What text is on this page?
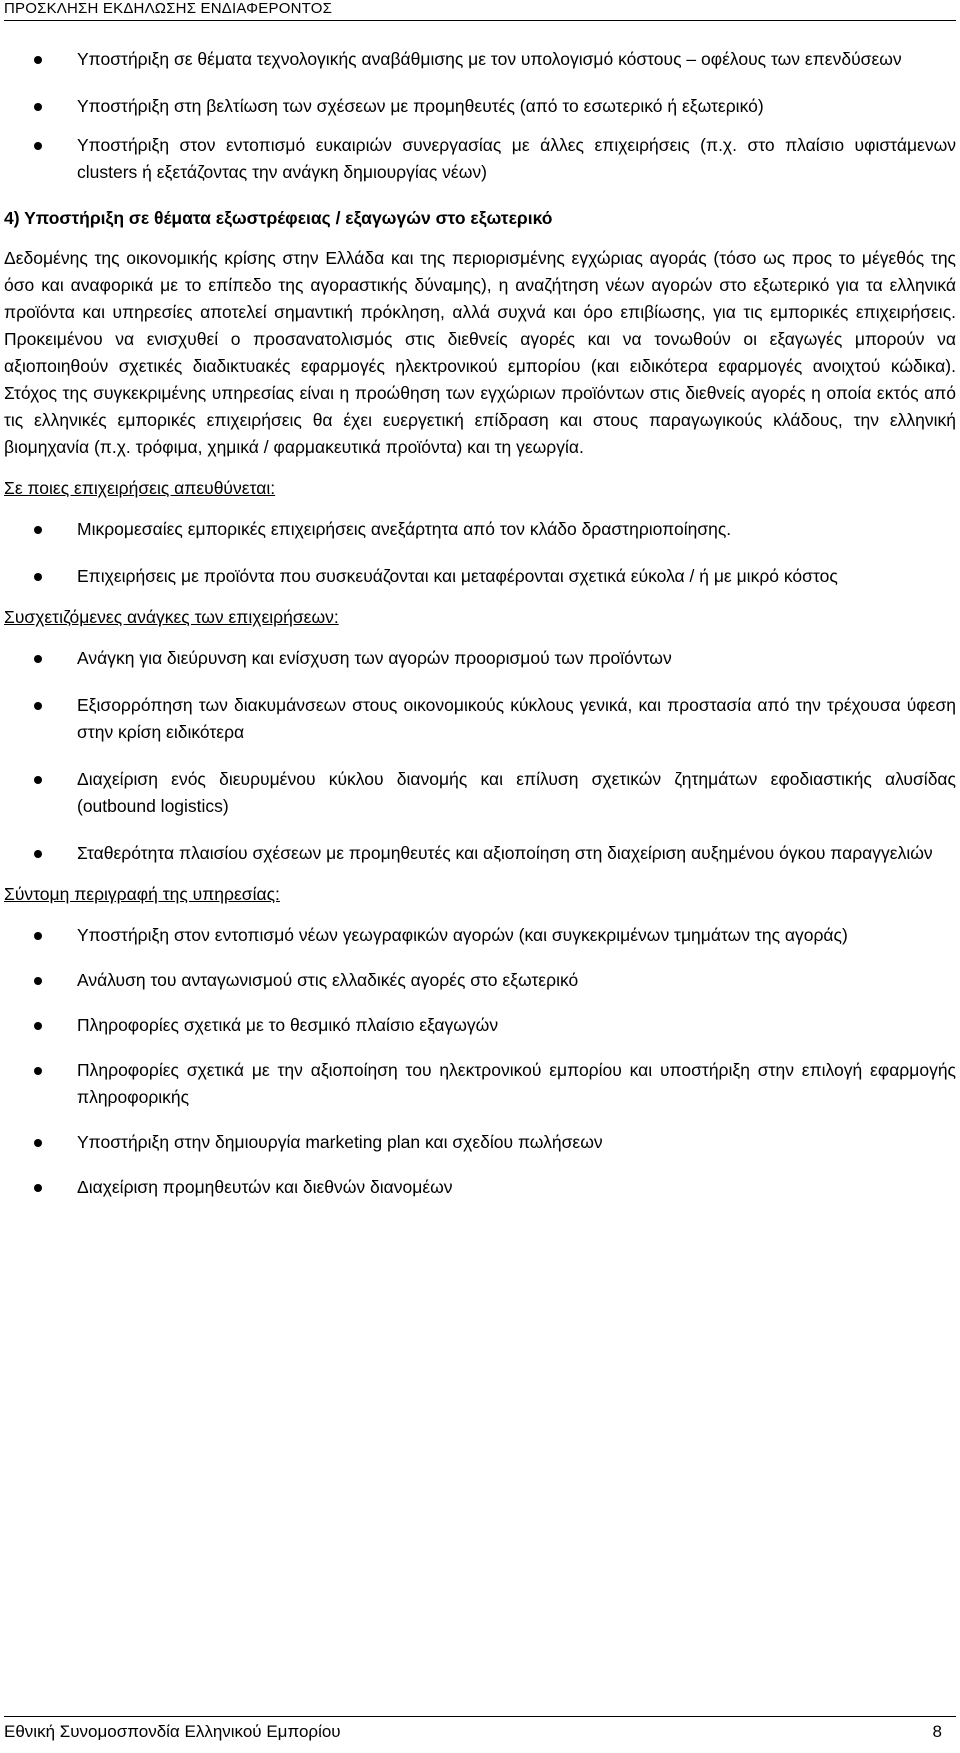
ΠΡΟΣΚΛΗΣΗ ΕΚΔΗΛΩΣΗΣ ΕΝΔΙΑΦΕΡΟΝΤΟΣ
Υποστήριξη σε θέματα τεχνολογικής αναβάθμισης με τον υπολογισμό κόστους – οφέλους των επενδύσεων
Υποστήριξη στη βελτίωση των σχέσεων με προμηθευτές (από το εσωτερικό ή εξωτερικό)
Υποστήριξη στον εντοπισμό ευκαιριών συνεργασίας με άλλες επιχειρήσεις (π.χ. στο πλαίσιο υφιστάμενων clusters ή εξετάζοντας την ανάγκη δημιουργίας νέων)
4) Υποστήριξη σε θέματα εξωστρέφειας / εξαγωγών στο εξωτερικό

Δεδομένης της οικονομικής κρίσης στην Ελλάδα και της περιορισμένης εγχώριας αγοράς (τόσο ως προς το μέγεθός της όσο και αναφορικά με το επίπεδο της αγοραστικής δύναμης), η αναζήτηση νέων αγορών στο εξωτερικό για τα ελληνικά προϊόντα και υπηρεσίες αποτελεί σημαντική πρόκληση, αλλά συχνά και όρο επιβίωσης, για τις εμπορικές επιχειρήσεις. Προκειμένου να ενισχυθεί ο προσανατολισμός στις διεθνείς αγορές και να τονωθούν οι εξαγωγές μπορούν να αξιοποιηθούν σχετικές διαδικτυακές εφαρμογές ηλεκτρονικού εμπορίου (και ειδικότερα εφαρμογές ανοιχτού κώδικα). Στόχος της συγκεκριμένης υπηρεσίας είναι η προώθηση των εγχώριων προϊόντων στις διεθνείς αγορές η οποία εκτός από τις ελληνικές εμπορικές επιχειρήσεις θα έχει ευεργετική επίδραση και στους παραγωγικούς κλάδους, την ελληνική βιομηχανία (π.χ. τρόφιμα, χημικά / φαρμακευτικά προϊόντα) και τη γεωργία.

Σε ποιες επιχειρήσεις απευθύνεται:
Μικρομεσαίες εμπορικές επιχειρήσεις ανεξάρτητα από τον κλάδο δραστηριοποίησης.
Επιχειρήσεις με προϊόντα που συσκευάζονται και μεταφέρονται σχετικά εύκολα / ή με μικρό κόστος
Συσχετιζόμενες ανάγκες των επιχειρήσεων:
Ανάγκη για διεύρυνση και ενίσχυση των αγορών προορισμού των προϊόντων
Εξισορρόπηση των διακυμάνσεων στους οικονομικούς κύκλους γενικά, και προστασία από την τρέχουσα ύφεση στην κρίση ειδικότερα
Διαχείριση ενός διευρυμένου κύκλου διανομής και επίλυση σχετικών ζητημάτων εφοδιαστικής αλυσίδας (outbound logistics)
Σταθερότητα πλαισίου σχέσεων με προμηθευτές και αξιοποίηση στη διαχείριση αυξημένου όγκου παραγγελιών
Σύντομη περιγραφή της υπηρεσίας:
Υποστήριξη στον εντοπισμό νέων γεωγραφικών αγορών (και συγκεκριμένων τμημάτων της αγοράς)
Ανάλυση του ανταγωνισμού στις ελλαδικές αγορές στο εξωτερικό
Πληροφορίες σχετικά με το θεσμικό πλαίσιο εξαγωγών
Πληροφορίες σχετικά με την αξιοποίηση του ηλεκτρονικού εμπορίου και υποστήριξη στην επιλογή εφαρμογής πληροφορικής
Υποστήριξη στην δημιουργία marketing plan και σχεδίου πωλήσεων
Διαχείριση προμηθευτών και διεθνών διανομέων
Εθνική Συνομοσπονδία Ελληνικού Εμπορίου	8
